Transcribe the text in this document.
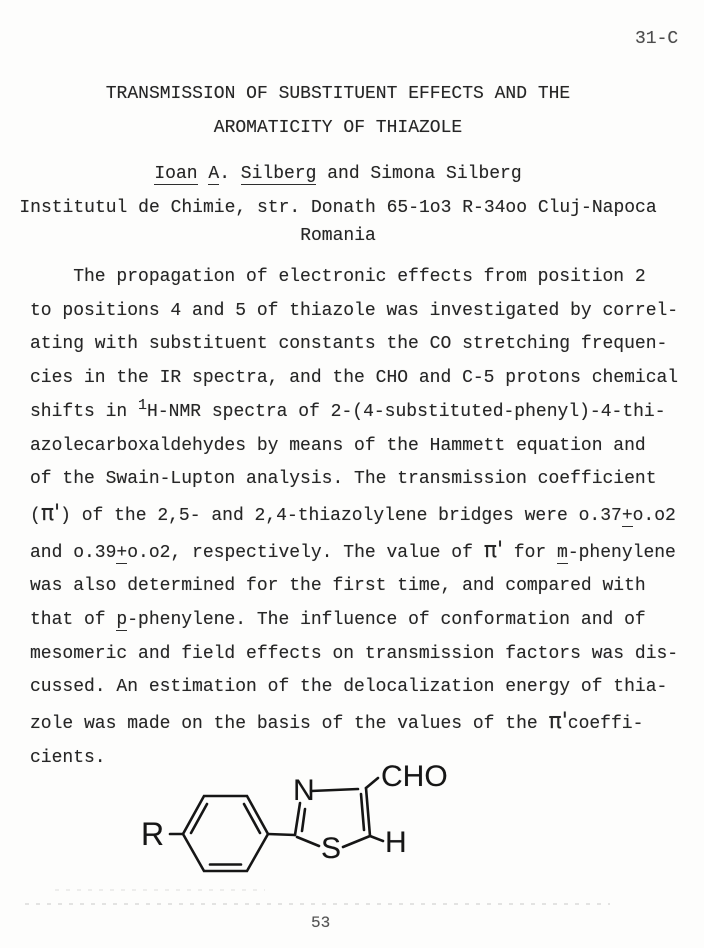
31-C
TRANSMISSION OF SUBSTITUENT EFFECTS AND THE
AROMATICITY OF THIAZOLE
Ioan A. Silberg and Simona Silberg
Institutul de Chimie, str. Donath 65-1o3 R-34oo Cluj-Napoca
Romania
The propagation of electronic effects from position 2
to positions 4 and 5 of thiazole was investigated by correl-
ating with substituent constants the CO stretching frequen-
cies in the IR spectra, and the CHO and C-5 protons chemical
shifts in $^1$H-NMR spectra of 2-(4-substituted-phenyl)-4-thi-
azolecarboxaldehydes by means of the Hammett equation and
of the Swain-Lupton analysis. The transmission coefficient
(π') of the 2,5- and 2,4-thiazolylene bridges were o.37+o.o2
and o.39+o.o2, respectively. The value of π' for m-phenylene
was also determined for the first time, and compared with
that of p-phenylene. The influence of conformation and of
mesomeric and field effects on transmission factors was dis-
cussed. An estimation of the delocalization energy of thia-
zole was made on the basis of the values of the π'coeffi-
cients.
R
N
S
CHO
H
53
